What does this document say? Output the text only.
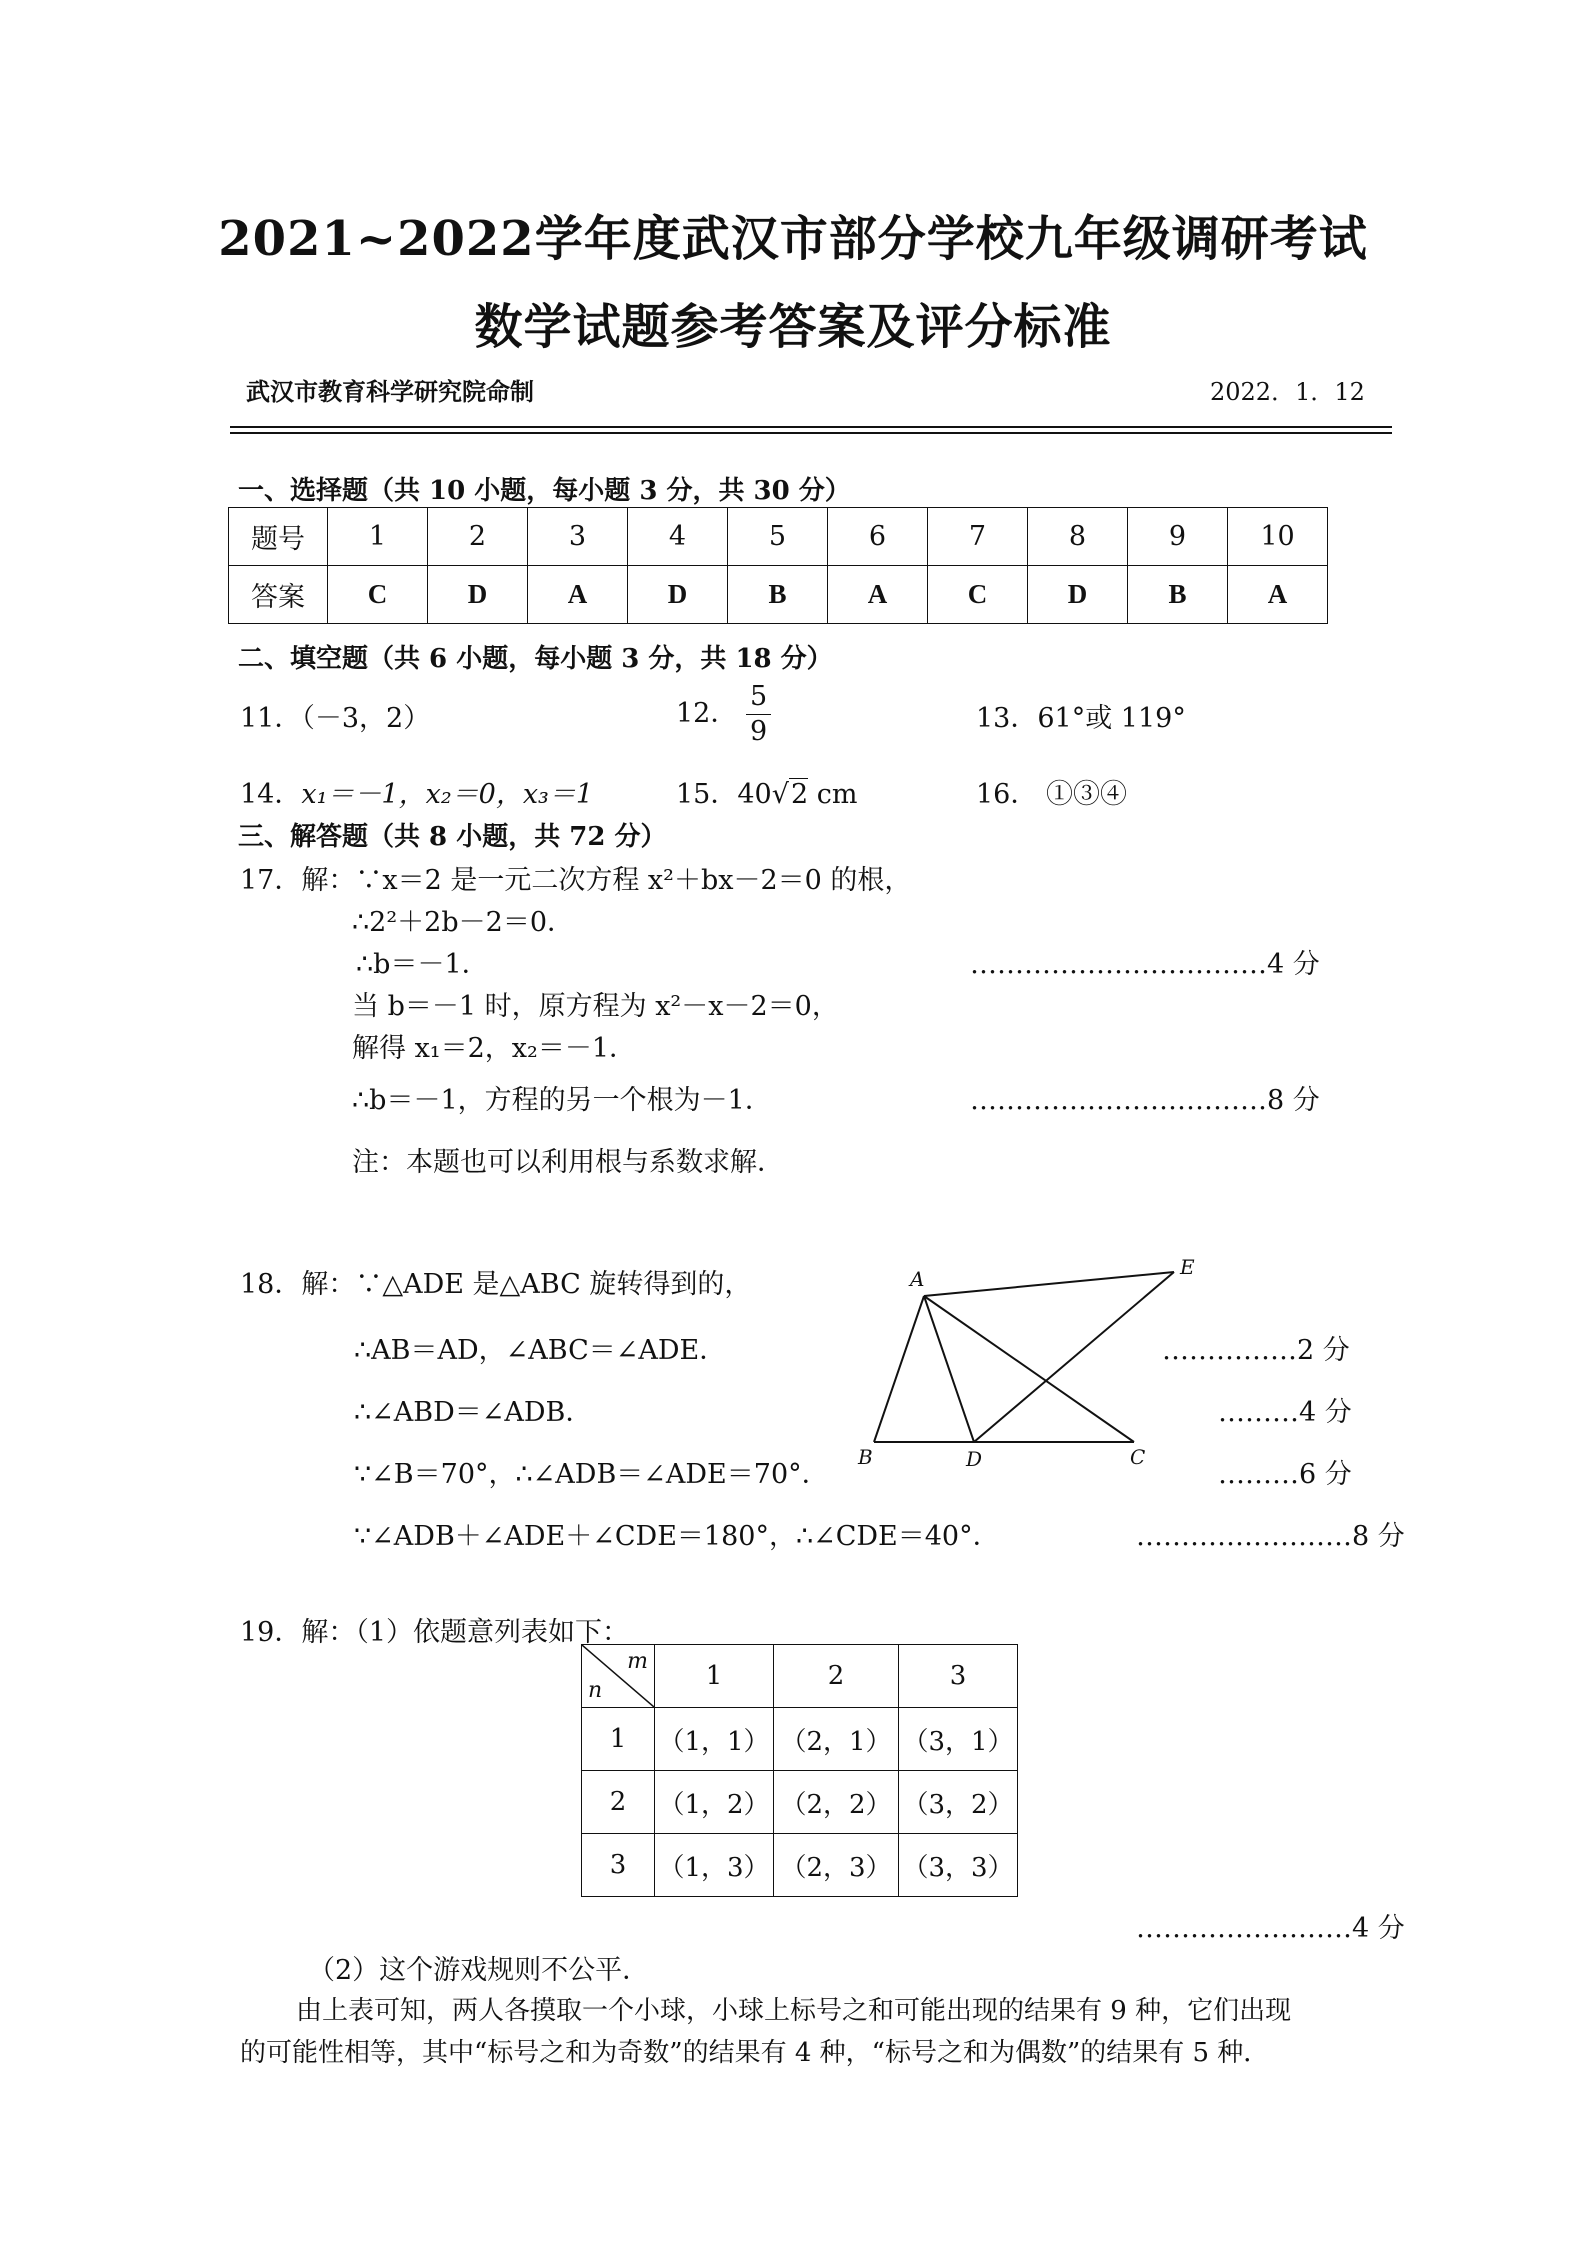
2021~2022学年度武汉市部分学校九年级调研考试
数学试题参考答案及评分标准
武汉市教育科学研究院命制	2022．1．12
一、选择题（共 10 小题，每小题 3 分，共 30 分）
题号	1	2	3	4	5	6	7	8	9	10
答案	C	D	A	D	B	A	C	D	B	A
二、填空题（共 6 小题，每小题 3 分，共 18 分）
11．（－3，2）	12． $\frac{5}{9}$	13．61°或 119°
14．x₁＝－1，x₂＝0，x₃＝1	15．40√2 cm	16． ①③④
三、解答题（共 8 小题，共 72 分）
17．解：∵x＝2 是一元二次方程 x²＋bx－2＝0 的根，
∴2²＋2b－2＝0．
∴b＝－1．	……………………………4 分
当 b＝－1 时，原方程为 x²－x－2＝0，
解得 x₁＝2，x₂＝－1．
∴b＝－1，方程的另一个根为－1．	……………………………8 分
注：本题也可以利用根与系数求解．
18．解：∵△ADE 是△ABC 旋转得到的，
∴AB＝AD，∠ABC＝∠ADE．	……………2 分
∴∠ABD＝∠ADB．	………4 分
∵∠B＝70°，∴∠ADB＝∠ADE＝70°．	………6 分
∵∠ADB＋∠ADE＋∠CDE＝180°，∴∠CDE＝40°．	……………………8 分
A
B	D	C
E
19．解：（1）依题意列表如下：
m
n	1	2	3
1	（1，1）	（2，1）	（3，1）
2	（1，2）	（2，2）	（3，2）
3	（1，3）	（2，3）	（3，3）
……………………4 分
（2）这个游戏规则不公平．
由上表可知，两人各摸取一个小球，小球上标号之和可能出现的结果有 9 种，它们出现
的可能性相等，其中“标号之和为奇数”的结果有 4 种，“标号之和为偶数”的结果有 5 种．
